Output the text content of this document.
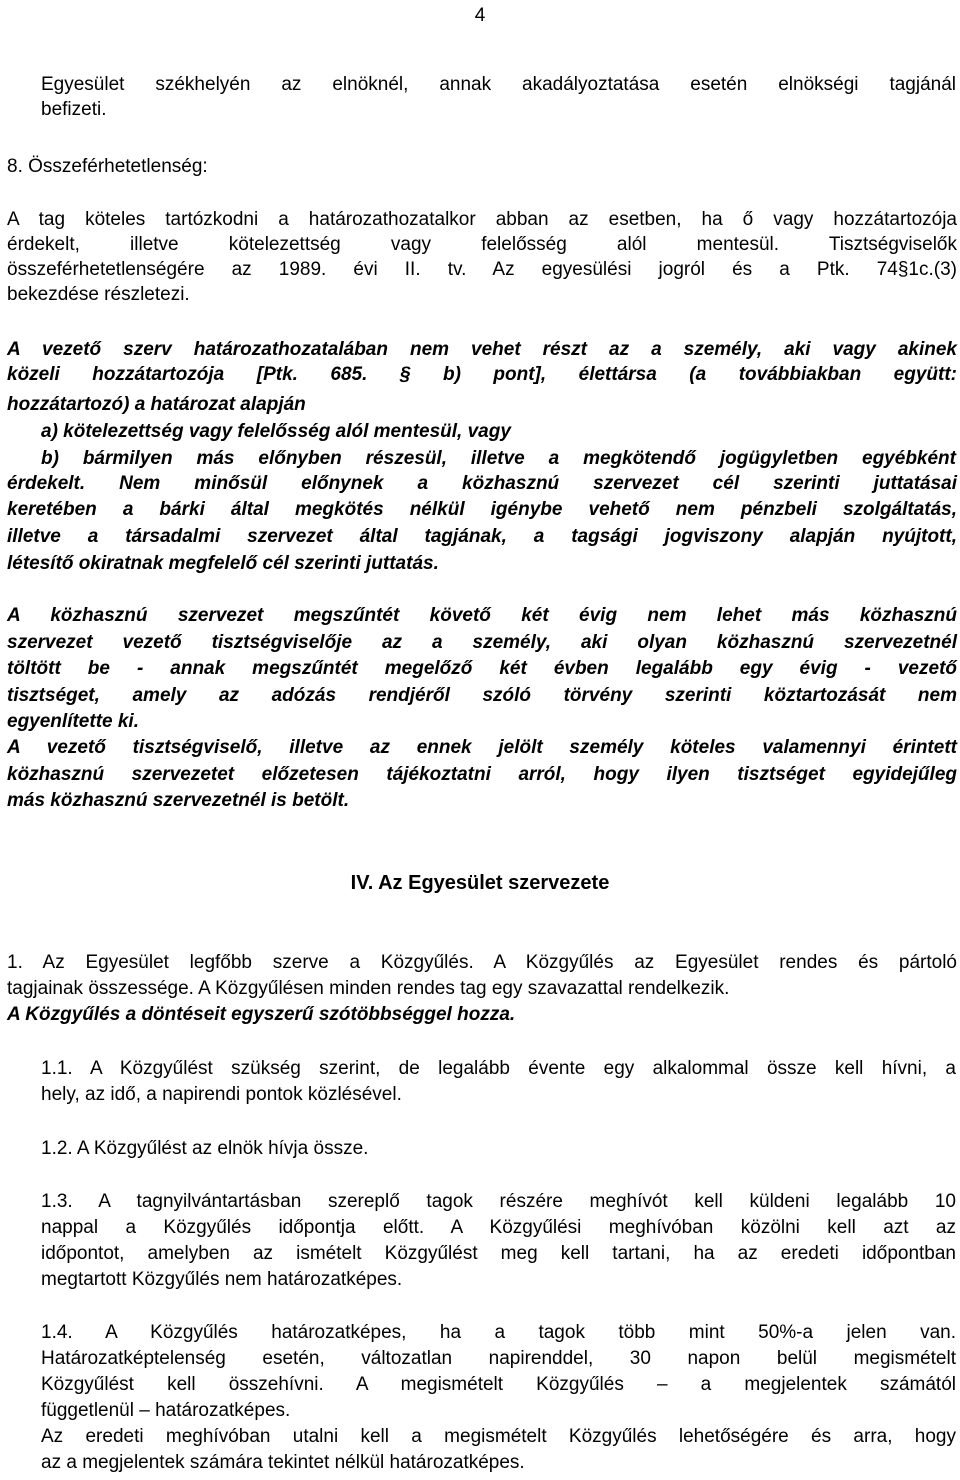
4
Egyesület székhelyén az elnöknél, annak akadályoztatása esetén elnökségi tagjánál
befizeti.
8. Összeférhetetlenség:
A tag köteles tartózkodni a határozathozatalkor abban az esetben, ha ő vagy hozzátartozója
érdekelt, illetve kötelezettség vagy felelősség alól mentesül. Tisztségviselők
összeférhetetlenségére az 1989. évi II. tv. Az egyesülési jogról és a Ptk. 74§1c.(3)
bekezdése részletezi.
A vezető szerv határozathozatalában nem vehet részt az a személy, aki vagy akinek
közeli hozzátartozója [Ptk. 685. § b) pont], élettársa (a továbbiakban együtt:
hozzátartozó) a határozat alapján
a) kötelezettség vagy felelősség alól mentesül, vagy
b) bármilyen más előnyben részesül, illetve a megkötendő jogügyletben egyébként
érdekelt. Nem minősül előnynek a közhasznú szervezet cél szerinti juttatásai
keretében a bárki által megkötés nélkül igénybe vehető nem pénzbeli szolgáltatás,
illetve a társadalmi szervezet által tagjának, a tagsági jogviszony alapján nyújtott,
létesítő okiratnak megfelelő cél szerinti juttatás.
A közhasznú szervezet megszűntét követő két évig nem lehet más közhasznú
szervezet vezető tisztségviselője az a személy, aki olyan közhasznú szervezetnél
töltött be - annak megszűntét megelőző két évben legalább egy évig - vezető
tisztséget, amely az adózás rendjéről szóló törvény szerinti köztartozását nem
egyenlítette ki.
A vezető tisztségviselő, illetve az ennek jelölt személy köteles valamennyi érintett
közhasznú szervezetet előzetesen tájékoztatni arról, hogy ilyen tisztséget egyidejűleg
más közhasznú szervezetnél is betölt.
IV. Az Egyesület szervezete
1. Az Egyesület legfőbb szerve a Közgyűlés. A Közgyűlés az Egyesület rendes és pártoló
tagjainak összessége. A Közgyűlésen minden rendes tag egy szavazattal rendelkezik.
A Közgyűlés a döntéseit egyszerű szótöbbséggel hozza.
1.1. A Közgyűlést szükség szerint, de legalább évente egy alkalommal össze kell hívni, a
hely, az idő, a napirendi pontok közlésével.
1.2. A Közgyűlést az elnök hívja össze.
1.3. A tagnyilvántartásban szereplő tagok részére meghívót kell küldeni legalább 10
nappal a Közgyűlés időpontja előtt. A Közgyűlési meghívóban közölni kell azt az
időpontot, amelyben az ismételt Közgyűlést meg kell tartani, ha az eredeti időpontban
megtartott Közgyűlés nem határozatképes.
1.4. A Közgyűlés határozatképes, ha a tagok több mint 50%-a jelen van.
Határozatképtelenség esetén, változatlan napirenddel, 30 napon belül megismételt
Közgyűlést kell összehívni. A megismételt Közgyűlés – a megjelentek számától
függetlenül – határozatképes.
Az eredeti meghívóban utalni kell a megismételt Közgyűlés lehetőségére és arra, hogy
az a megjelentek számára tekintet nélkül határozatképes.
